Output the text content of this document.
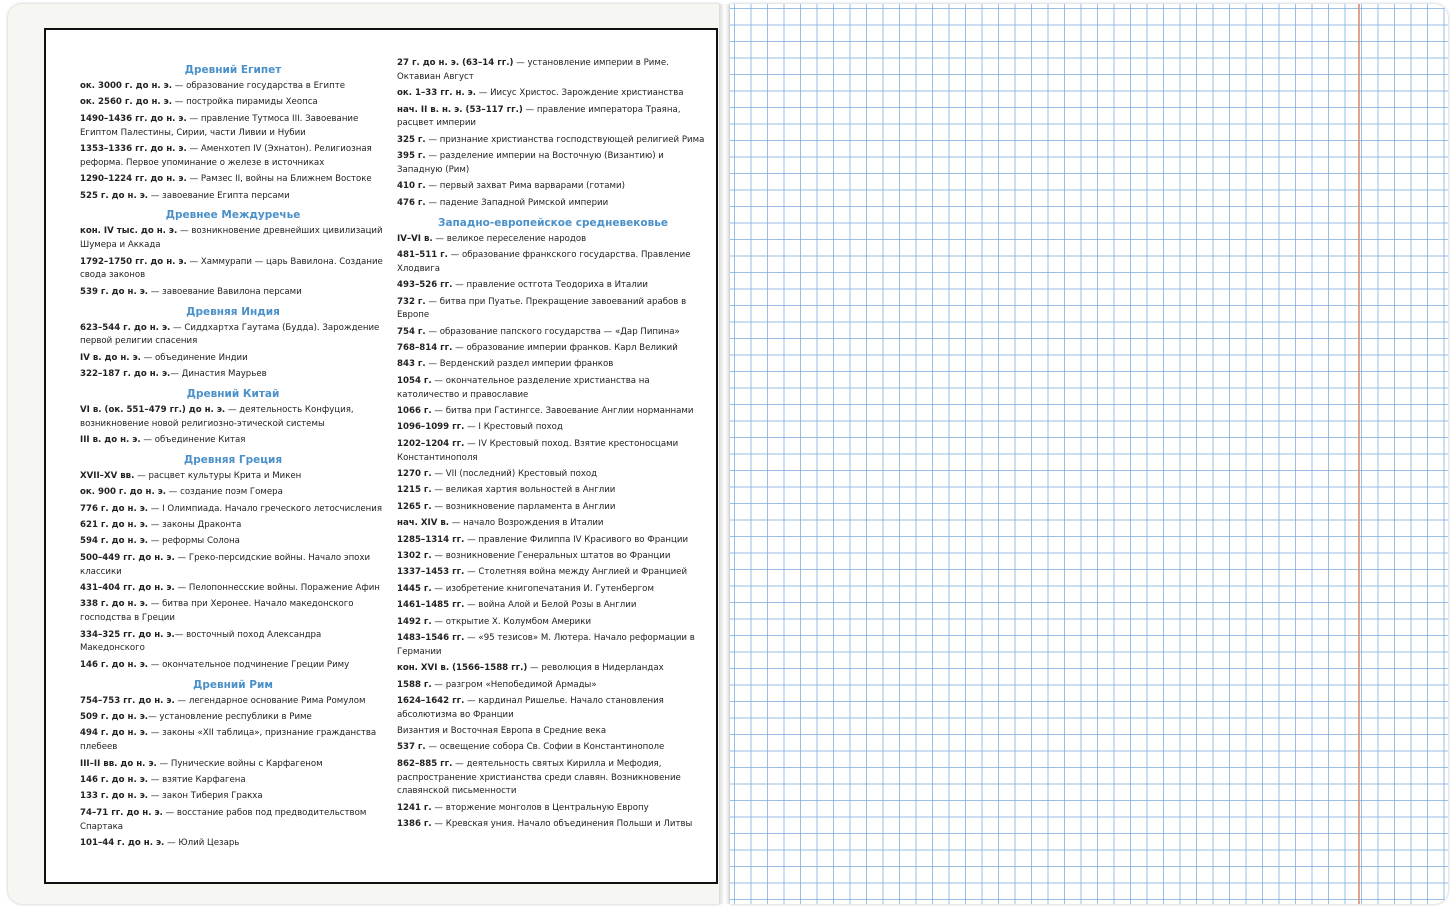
Древний Египет
ок. 3000 г. до н. э. — образование государства в Египте
ок. 2560 г. до н. э. — постройка пирамиды Хеопса
1490–1436 гг. до н. э. — правление Тутмоса III. Завоевание Египтом Палестины, Сирии, части Ливии и Нубии
1353–1336 гг. до н. э. — Аменхотеп IV (Эхнатон). Религиозная реформа. Первое упоминание о железе в источниках
1290–1224 гг. до н. э. — Рамзес II, войны на Ближнем Востоке
525 г. до н. э. — завоевание Египта персами
Древнее Междуречье
кон. IV тыс. до н. э. — возникновение древнейших цивилизаций Шумера и Аккада
1792–1750 гг. до н. э. — Хаммурапи — царь Вавилона. Создание свода законов
539 г. до н. э. — завоевание Вавилона персами
Древняя Индия
623–544 г. до н. э. — Сиддхартха Гаутама (Будда). Зарождение первой религии спасения
IV в. до н. э. — объединение Индии
322–187 г. до н. э.— Династия Маурьев
Древний Китай
VI в. (ок. 551–479 гг.) до н. э. — деятельность Конфуция, возникновение новой религиозно-этической системы
III в. до н. э. — объединение Китая
Древняя Греция
XVII–XV вв. — расцвет культуры Крита и Микен
ок. 900 г. до н. э. — создание поэм Гомера
776 г. до н. э. — I Олимпиада. Начало греческого летосчисления
621 г. до н. э. — законы Драконта
594 г. до н. э. — реформы Солона
500–449 гг. до н. э. — Греко-персидские войны. Начало эпохи классики
431–404 гг. до н. э. — Пелопоннесские войны. Поражение Афин
338 г. до н. э. — битва при Херонее. Начало македонского господства в Греции
334–325 гг. до н. э.— восточный поход Александра Македонского
146 г. до н. э. — окончательное подчинение Греции Риму
Древний Рим
754–753 гг. до н. э. — легендарное основание Рима Ромулом
509 г. до н. э.— установление республики в Риме
494 г. до н. э. — законы «XII таблица», признание гражданства плебеев
III–II вв. до н. э. — Пунические войны с Карфагеном
146 г. до н. э. — взятие Карфагена
133 г. до н. э. — закон Тиберия Гракха
74–71 гг. до н. э. — восстание рабов под предводительством Спартака
101–44 г. до н. э. — Юлий Цезарь
27 г. до н. э. (63–14 гг.) — установление империи в Риме. Октавиан Август
ок. 1–33 гг. н. э. — Иисус Христос. Зарождение христианства
нач. II в. н. э. (53–117 гг.) — правление императора Траяна, расцвет империи
325 г. — признание христианства господствующей религией Рима
395 г. — разделение империи на Восточную (Византию) и Западную (Рим)
410 г. — первый захват Рима варварами (готами)
476 г. — падение Западной Римской империи
Западно-европейское средневековье
IV–VI в. — великое переселение народов
481–511 г. — образование франкского государства. Правление Хлодвига
493–526 гг. — правление остгота Теодориха в Италии
732 г. — битва при Пуатье. Прекращение завоеваний арабов в Европе
754 г. — образование папского государства — «Дар Пипина»
768–814 гг. — образование империи франков. Карл Великий
843 г. — Верденский раздел империи франков
1054 г. — окончательное разделение христианства на католичество и православие
1066 г. — битва при Гастингсе. Завоевание Англии норманнами
1096–1099 гг. — I Крестовый поход
1202–1204 гг. — IV Крестовый поход. Взятие крестоносцами Константинополя
1270 г. — VII (последний) Крестовый поход
1215 г. — великая хартия вольностей в Англии
1265 г. — возникновение парламента в Англии
нач. XIV в. — начало Возрождения в Италии
1285–1314 гг. — правление Филиппа IV Красивого во Франции
1302 г. — возникновение Генеральных штатов во Франции
1337–1453 гг. — Столетняя война между Англией и Францией
1445 г. — изобретение книгопечатания И. Гутенбергом
1461–1485 гг. — война Алой и Белой Розы в Англии
1492 г. — открытие Х. Колумбом Америки
1483–1546 гг. — «95 тезисов» М. Лютера. Начало реформации в Германии
кон. XVI в. (1566–1588 гг.) — революция в Нидерландах
1588 г. — разгром «Непобедимой Армады»
1624–1642 гг. — кардинал Ришелье. Начало становления абсолютизма во Франции
Византия и Восточная Европа в Средние века
537 г. — освещение собора Св. Софии в Константинополе
862–885 гг. — деятельность святых Кирилла и Мефодия, распространение христианства среди славян. Возникновение славянской письменности
1241 г. — вторжение монголов в Центральную Европу
1386 г. — Кревская уния. Начало объединения Польши и Литвы
